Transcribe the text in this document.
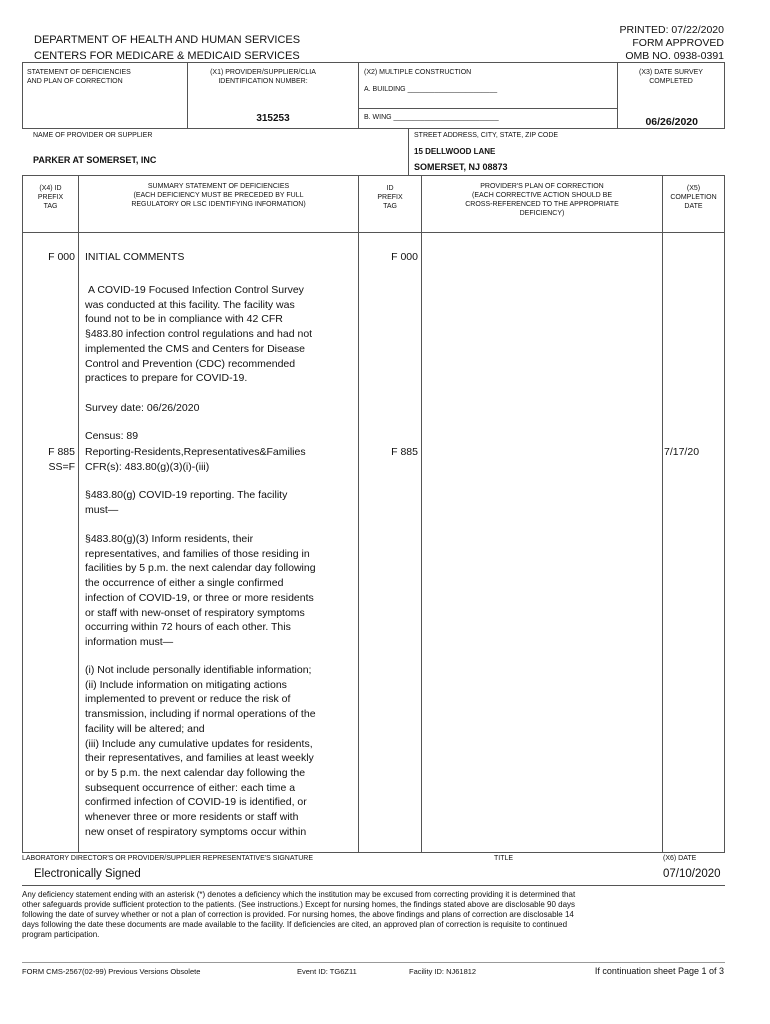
DEPARTMENT OF HEALTH AND HUMAN SERVICES
CENTERS FOR MEDICARE & MEDICAID SERVICES
PRINTED: 07/22/2020
FORM APPROVED
OMB NO. 0938-0391
STATEMENT OF DEFICIENCIES
AND PLAN OF CORRECTION
(X1) PROVIDER/SUPPLIER/CLIA
IDENTIFICATION NUMBER:
315253
(X2) MULTIPLE CONSTRUCTION
A. BUILDING _______________________
B. WING ___________________________
(X3) DATE SURVEY
COMPLETED
06/26/2020
NAME OF PROVIDER OR SUPPLIER
PARKER AT SOMERSET, INC
STREET ADDRESS, CITY, STATE, ZIP CODE
15 DELLWOOD LANE
SOMERSET, NJ 08873
(X4) ID
PREFIX
TAG
SUMMARY STATEMENT OF DEFICIENCIES
(EACH DEFICIENCY MUST BE PRECEDED BY FULL
REGULATORY OR LSC IDENTIFYING INFORMATION)
ID
PREFIX
TAG
PROVIDER'S PLAN OF CORRECTION
(EACH CORRECTIVE ACTION SHOULD BE
CROSS-REFERENCED TO THE APPROPRIATE
DEFICIENCY)
(X5)
COMPLETION
DATE
F 000	F 000
INITIAL COMMENTS

A COVID-19 Focused Infection Control Survey

was conducted at this facility. The facility was

found not to be in compliance with 42 CFR

§483.80 infection control regulations and had not

implemented the CMS and Centers for Disease

Control and Prevention (CDC) recommended

practices to prepare for COVID-19.

Survey date: 06/26/2020
Census: 89
F 885
SS=F
F 885	7/17/20

Reporting-Residents,Representatives&Families

CFR(s): 483.80(g)(3)(i)-(iii)

§483.80(g) COVID-19 reporting. The facility

must—

§483.80(g)(3) Inform residents, their

representatives, and families of those residing in

facilities by 5 p.m. the next calendar day following

the occurrence of either a single confirmed

infection of COVID-19, or three or more residents

or staff with new-onset of respiratory symptoms

occurring within 72 hours of each other. This

information must—

(i) Not include personally identifiable information;

(ii) Include information on mitigating actions

implemented to prevent or reduce the risk of

transmission, including if normal operations of the

facility will be altered; and

(iii) Include any cumulative updates for residents,

their representatives, and families at least weekly

or by 5 p.m. the next calendar day following the

subsequent occurrence of either: each time a

confirmed infection of COVID-19 is identified, or

whenever three or more residents or staff with

new onset of respiratory symptoms occur within

LABORATORY DIRECTOR'S OR PROVIDER/SUPPLIER REPRESENTATIVE'S SIGNATURE	TITLE	(X6) DATE
Electronically Signed	07/10/2020

Any deficiency statement ending with an asterisk (*) denotes a deficiency which the institution may be excused from correcting providing it is determined that

other safeguards provide sufficient protection to the patients. (See instructions.) Except for nursing homes, the findings stated above are disclosable 90 days

following the date of survey whether or not a plan of correction is provided. For nursing homes, the above findings and plans of correction are disclosable 14

days following the date these documents are made available to the facility. If deficiencies are cited, an approved plan of correction is requisite to continued

program participation.

FORM CMS-2567(02-99) Previous Versions Obsolete	Event ID: TG6Z11	Facility ID: NJ61812	If continuation sheet Page 1 of 3
